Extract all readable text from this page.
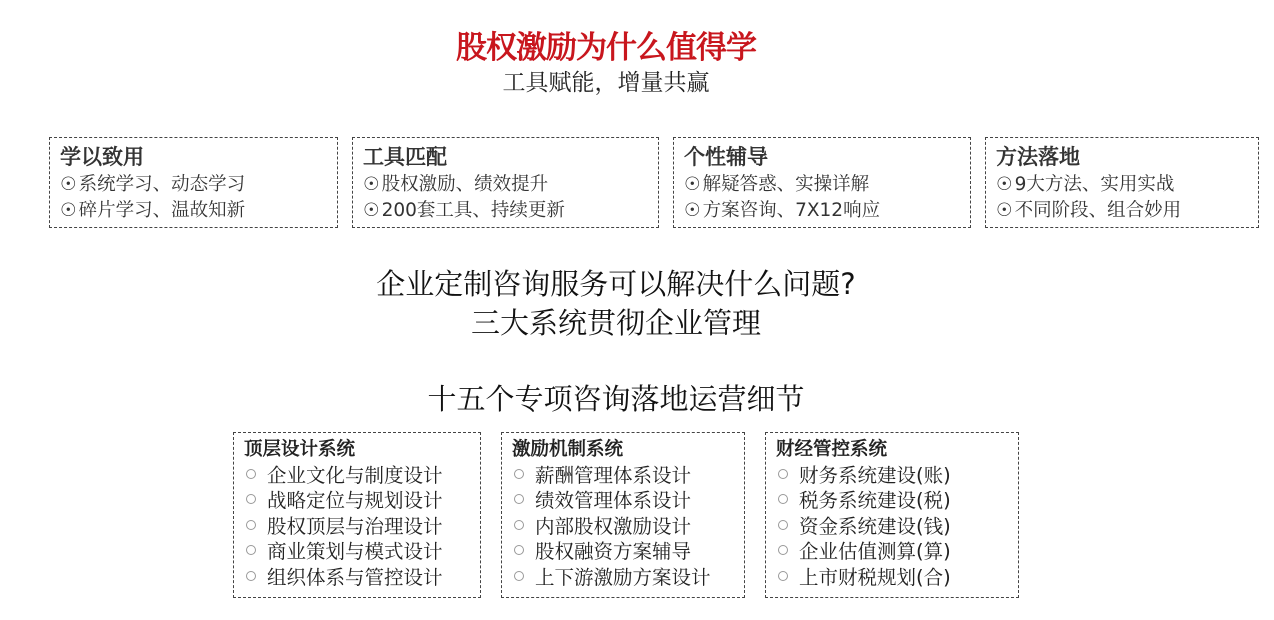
股权激励为什么值得学
工具赋能，增量共赢
学以致用
☉ 系统学习、动态学习
☉ 碎片学习、温故知新
工具匹配
☉ 股权激励、绩效提升
☉ 200套工具、持续更新
个性辅导
☉ 解疑答惑、实操详解
☉ 方案咨询、7X12响应
方法落地
☉ 9大方法、实用实战
☉ 不同阶段、组合妙用
企业定制咨询服务可以解决什么问题?
三大系统贯彻企业管理
十五个专项咨询落地运营细节
顶层设计系统
企业文化与制度设计
战略定位与规划设计
股权顶层与治理设计
商业策划与模式设计
组织体系与管控设计
激励机制系统
薪酬管理体系设计
绩效管理体系设计
内部股权激励设计
股权融资方案辅导
上下游激励方案设计
财经管控系统
财务系统建设(账)
税务系统建设(税)
资金系统建设(钱)
企业估值测算(算)
上市财税规划(合)
